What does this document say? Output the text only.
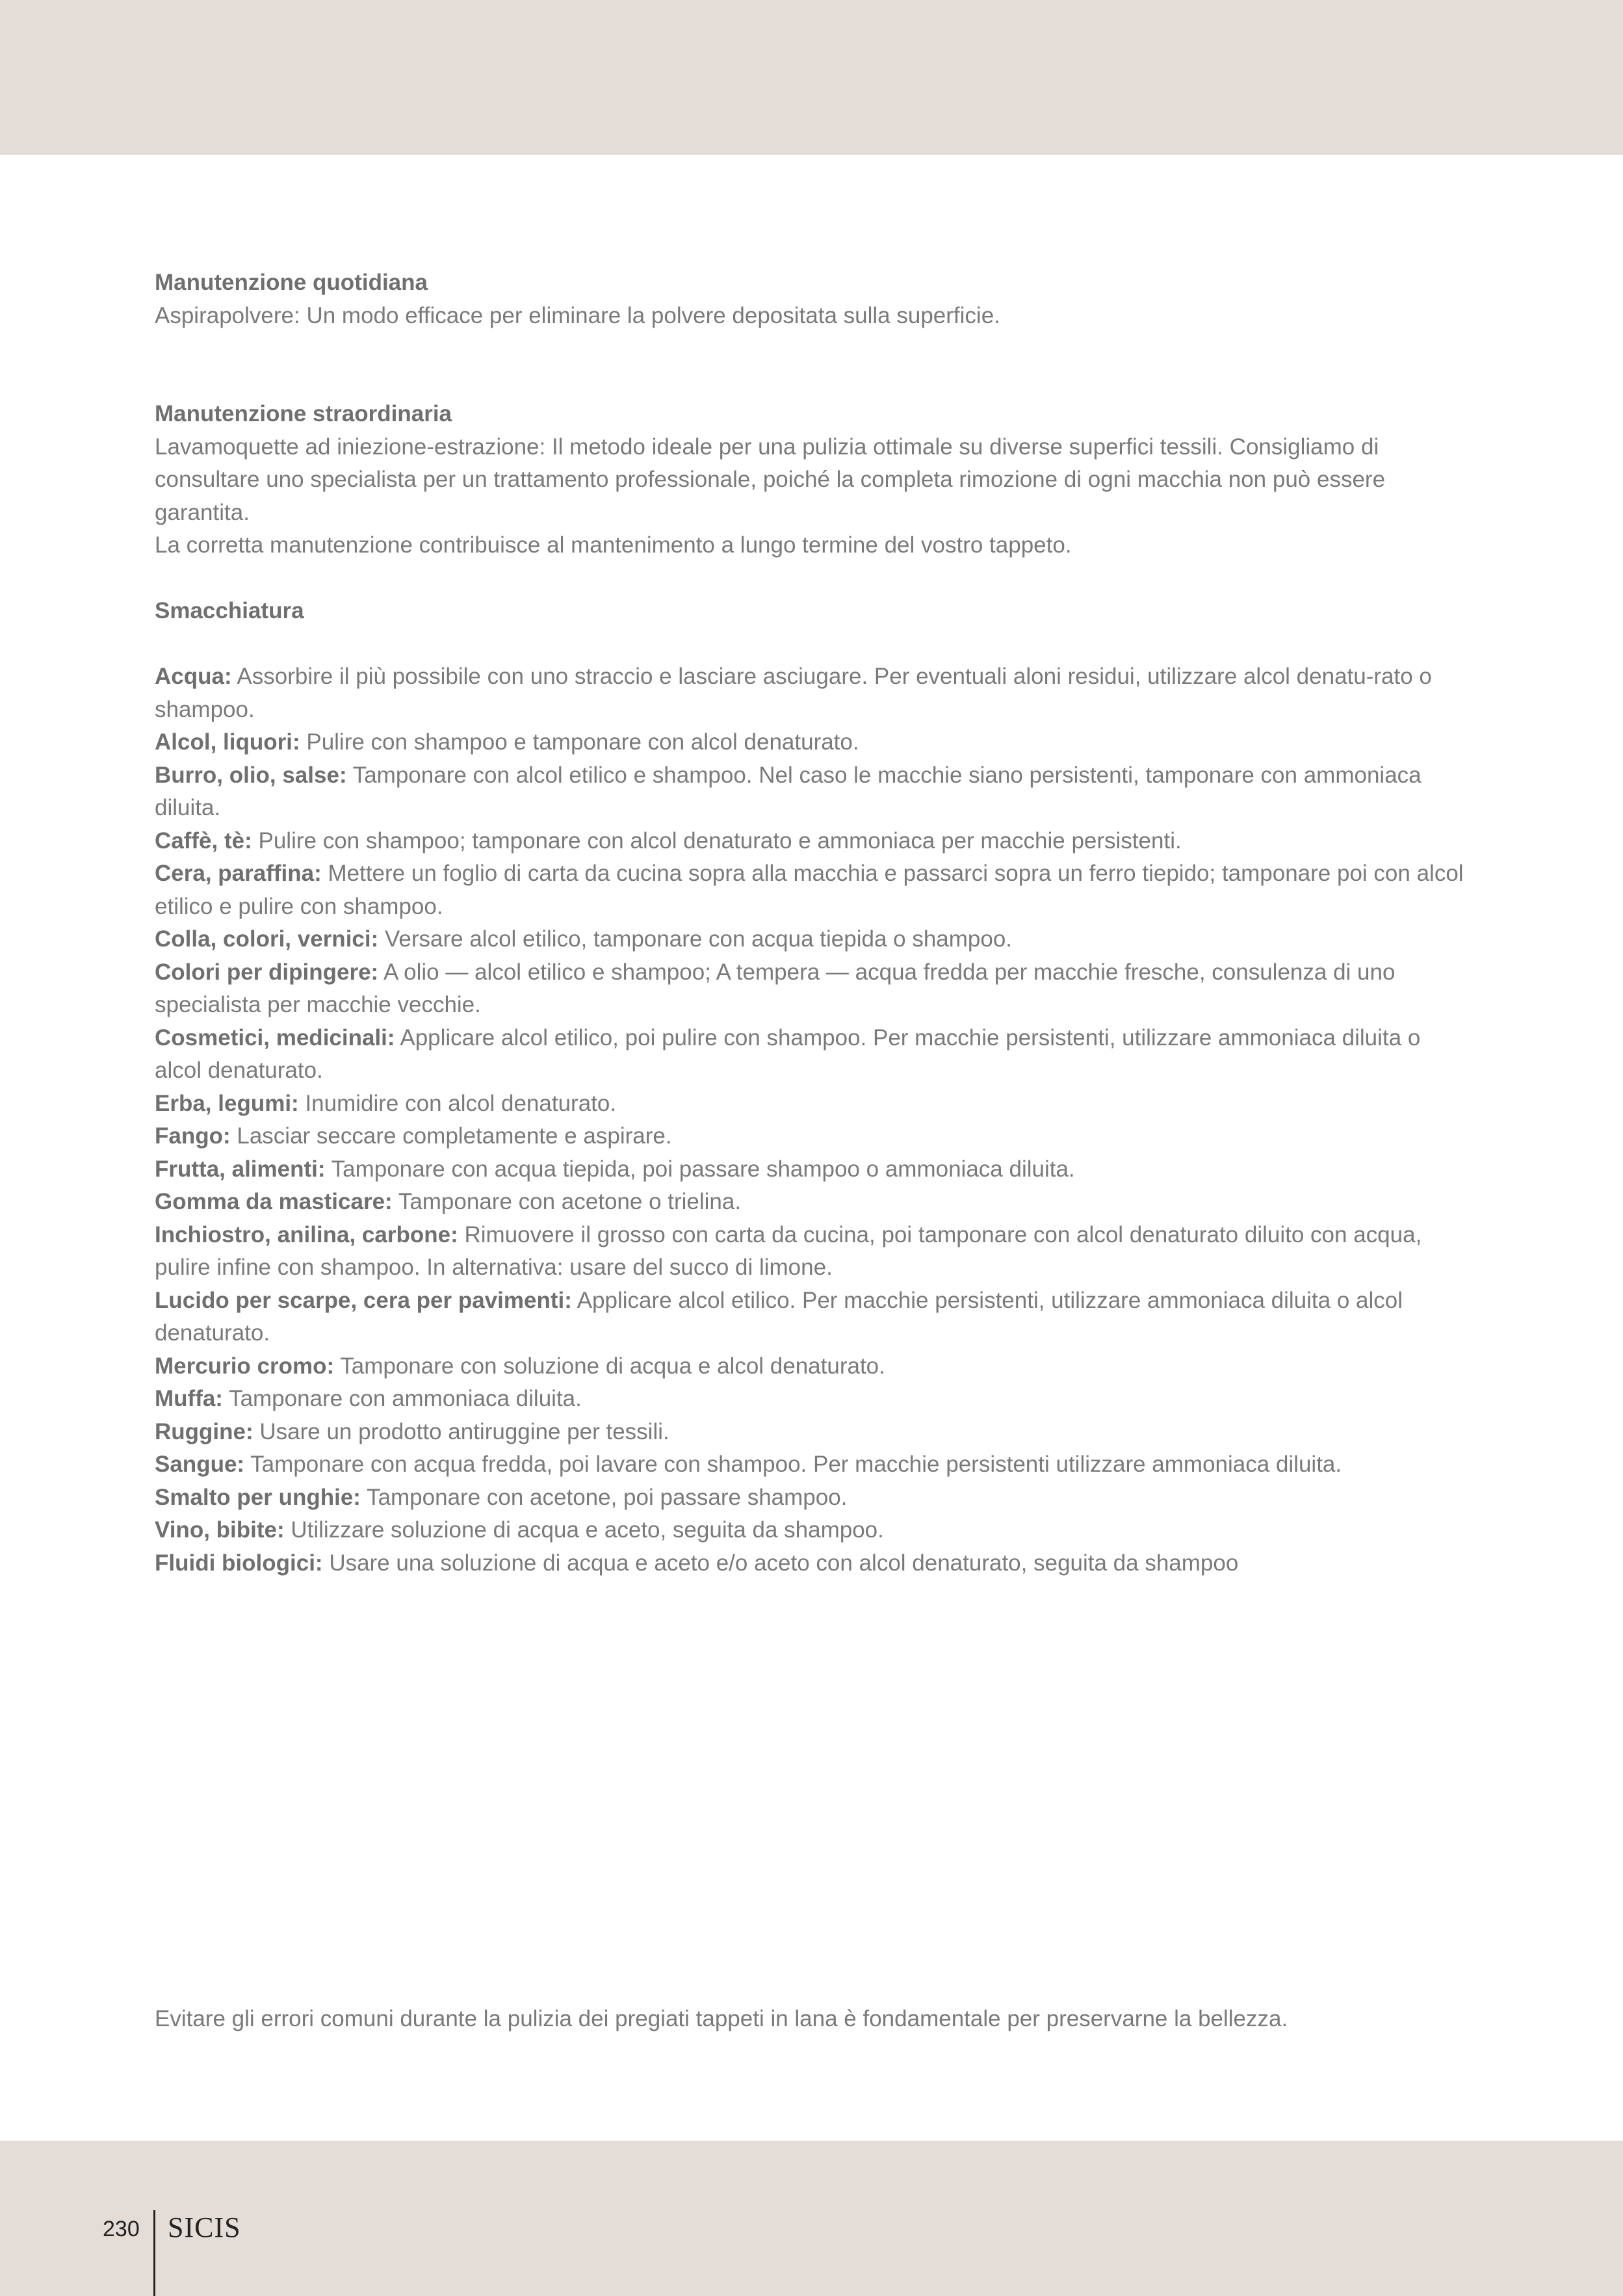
Manutenzione quotidiana

Aspirapolvere: Un modo efficace per eliminare la polvere depositata sulla superficie.

Manutenzione straordinaria

Lavamoquette ad iniezione-estrazione: Il metodo ideale per una pulizia ottimale su diverse superfici tessili. Consigliamo di consultare uno specialista per un trattamento professionale, poiché la completa rimozione di ogni macchia non può essere garantita.

La corretta manutenzione contribuisce al mantenimento a lungo termine del vostro tappeto.

Smacchiatura

Acqua: Assorbire il più possibile con uno straccio e lasciare asciugare. Per eventuali aloni residui, utilizzare alcol denatu-rato o shampoo.
Alcol, liquori: Pulire con shampoo e tamponare con alcol denaturato.
Burro, olio, salse: Tamponare con alcol etilico e shampoo. Nel caso le macchie siano persistenti, tamponare con ammoniaca diluita.
Caffè, tè: Pulire con shampoo; tamponare con alcol denaturato e ammoniaca per macchie persistenti.
Cera, paraffina: Mettere un foglio di carta da cucina sopra alla macchia e passarci sopra un ferro tiepido; tamponare poi con alcol etilico e pulire con shampoo.
Colla, colori, vernici: Versare alcol etilico, tamponare con acqua tiepida o shampoo.
Colori per dipingere: A olio — alcol etilico e shampoo; A tempera — acqua fredda per macchie fresche, consulenza di uno specialista per macchie vecchie.
Cosmetici, medicinali: Applicare alcol etilico, poi pulire con shampoo. Per macchie persistenti, utilizzare ammoniaca diluita o alcol denaturato.
Erba, legumi: Inumidire con alcol denaturato.
Fango: Lasciar seccare completamente e aspirare.
Frutta, alimenti: Tamponare con acqua tiepida, poi passare shampoo o ammoniaca diluita.
Gomma da masticare: Tamponare con acetone o trielina.
Inchiostro, anilina, carbone: Rimuovere il grosso con carta da cucina, poi tamponare con alcol denaturato diluito con acqua, pulire infine con shampoo. In alternativa: usare del succo di limone.
Lucido per scarpe, cera per pavimenti: Applicare alcol etilico. Per macchie persistenti, utilizzare ammoniaca diluita o alcol denaturato.
Mercurio cromo: Tamponare con soluzione di acqua e alcol denaturato.
Muffa: Tamponare con ammoniaca diluita.
Ruggine: Usare un prodotto antiruggine per tessili.
Sangue: Tamponare con acqua fredda, poi lavare con shampoo. Per macchie persistenti utilizzare ammoniaca diluita.
Smalto per unghie: Tamponare con acetone, poi passare shampoo.
Vino, bibite: Utilizzare soluzione di acqua e aceto, seguita da shampoo.
Fluidi biologici: Usare una soluzione di acqua e aceto e/o aceto con alcol denaturato, seguita da shampoo

Evitare gli errori comuni durante la pulizia dei pregiati tappeti in lana è fondamentale per preservarne la bellezza.

230 SICIS
